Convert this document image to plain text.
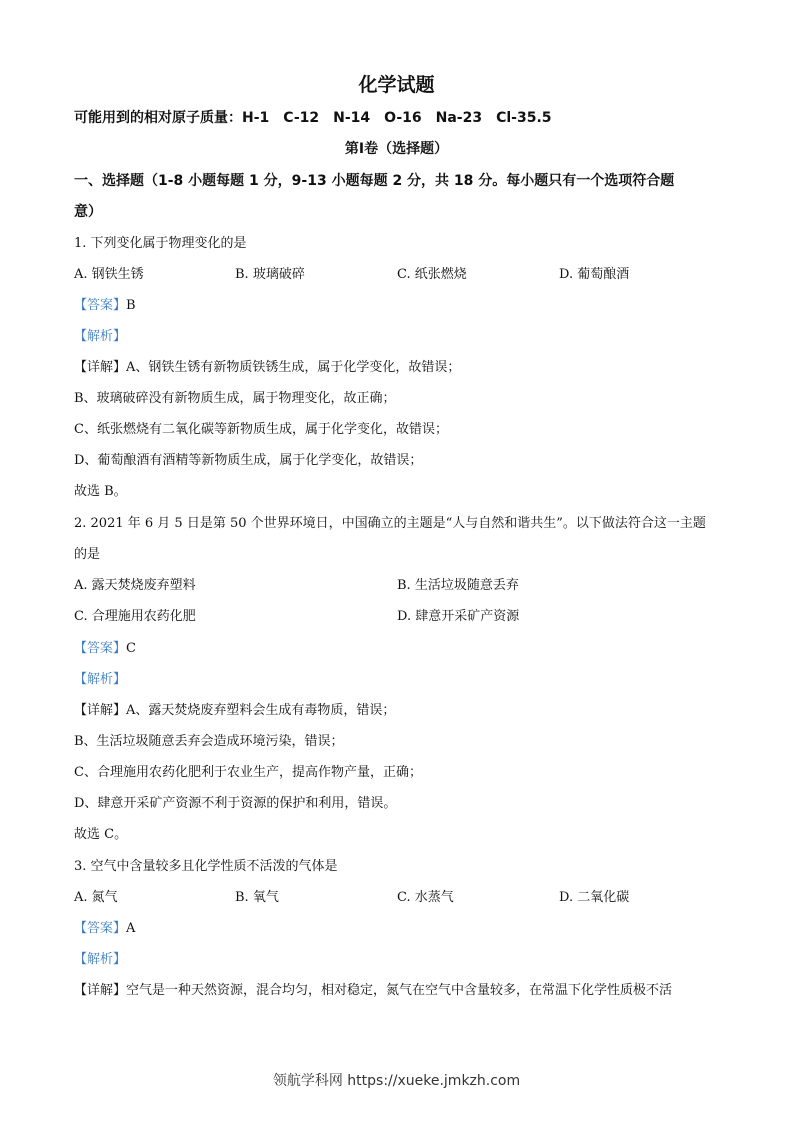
化学试题
可能用到的相对原子质量：H-1　C-12　N-14　O-16　Na-23　Cl-35.5
第Ⅰ卷（选择题）
一、选择题（1-8 小题每题 1 分，9-13 小题每题 2 分，共 18 分。每小题只有一个选项符合题
意）
1. 下列变化属于物理变化的是
A. 钢铁生锈	B. 玻璃破碎	C. 纸张燃烧	D. 葡萄酿酒
【答案】B
【解析】
【详解】A、钢铁生锈有新物质铁锈生成，属于化学变化，故错误；
B、玻璃破碎没有新物质生成，属于物理变化，故正确；
C、纸张燃烧有二氧化碳等新物质生成，属于化学变化，故错误；
D、葡萄酿酒有酒精等新物质生成，属于化学变化，故错误；
故选 B。
2. 2021 年 6 月 5 日是第 50 个世界环境日，中国确立的主题是“人与自然和谐共生”。以下做法符合这一主题
的是
A. 露天焚烧废弃塑料	B. 生活垃圾随意丢弃
C. 合理施用农药化肥	D. 肆意开采矿产资源
【答案】C
【解析】
【详解】A、露天焚烧废弃塑料会生成有毒物质，错误；
B、生活垃圾随意丢弃会造成环境污染，错误；
C、合理施用农药化肥利于农业生产，提高作物产量，正确；
D、肆意开采矿产资源不利于资源的保护和利用，错误。
故选 C。
3. 空气中含量较多且化学性质不活泼的气体是
A. 氮气	B. 氧气	C. 水蒸气	D. 二氧化碳
【答案】A
【解析】
【详解】空气是一种天然资源，混合均匀，相对稳定，氮气在空气中含量较多，在常温下化学性质极不活
领航学科网 https://xueke.jmkzh.com
